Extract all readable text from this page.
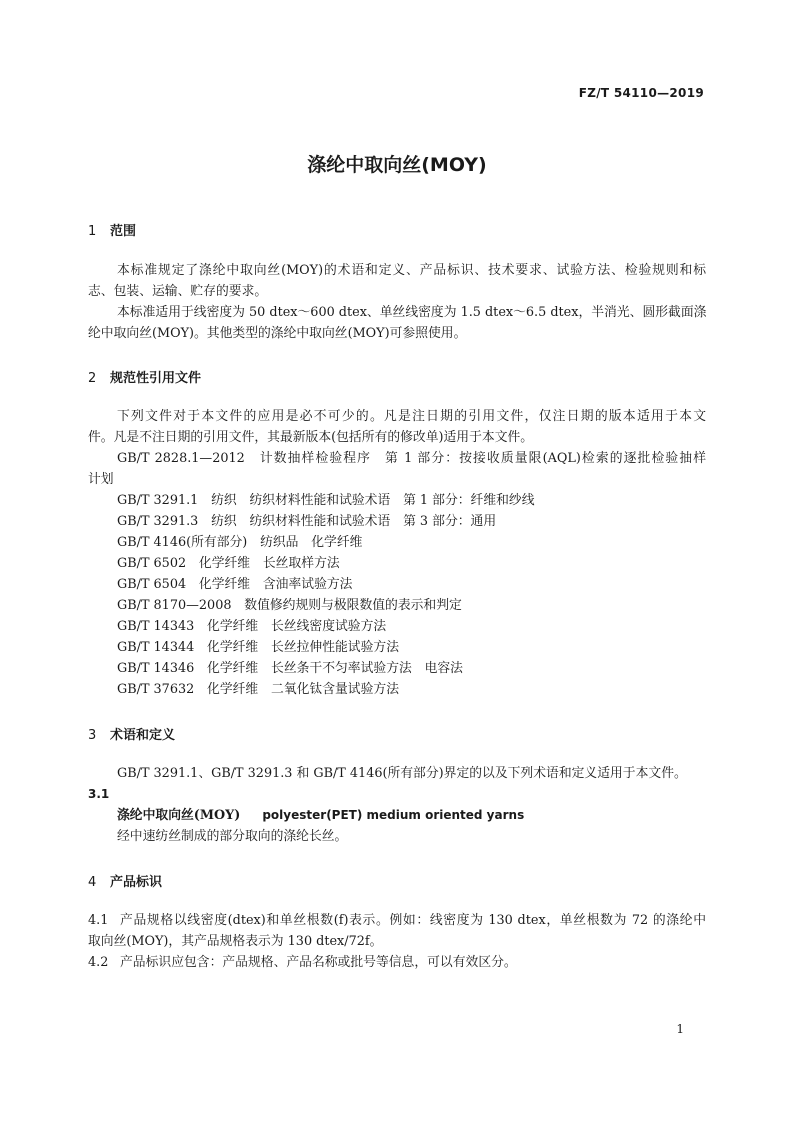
FZ/T 54110—2019
涤纶中取向丝(MOY)
1 范围
本标准规定了涤纶中取向丝(MOY)的术语和定义、产品标识、技术要求、试验方法、检验规则和标
志、包装、运输、贮存的要求。
本标准适用于线密度为 50 dtex～600 dtex、单丝线密度为 1.5 dtex～6.5 dtex，半消光、圆形截面涤
纶中取向丝(MOY)。其他类型的涤纶中取向丝(MOY)可参照使用。
2 规范性引用文件
下列文件对于本文件的应用是必不可少的。凡是注日期的引用文件，仅注日期的版本适用于本文
件。凡是不注日期的引用文件，其最新版本(包括所有的修改单)适用于本文件。
GB/T 2828.1—2012　计数抽样检验程序　第 1 部分：按接收质量限(AQL)检索的逐批检验抽样
计划
GB/T 3291.1　纺织　纺织材料性能和试验术语　第 1 部分：纤维和纱线
GB/T 3291.3　纺织　纺织材料性能和试验术语　第 3 部分：通用
GB/T 4146(所有部分)　纺织品　化学纤维
GB/T 6502　化学纤维　长丝取样方法
GB/T 6504　化学纤维　含油率试验方法
GB/T 8170—2008　数值修约规则与极限数值的表示和判定
GB/T 14343　化学纤维　长丝线密度试验方法
GB/T 14344　化学纤维　长丝拉伸性能试验方法
GB/T 14346　化学纤维　长丝条干不匀率试验方法　电容法
GB/T 37632　化学纤维　二氧化钛含量试验方法
3 术语和定义
GB/T 3291.1、GB/T 3291.3 和 GB/T 4146(所有部分)界定的以及下列术语和定义适用于本文件。
3.1
涤纶中取向丝(MOY) polyester(PET) medium oriented yarns
经中速纺丝制成的部分取向的涤纶长丝。
4 产品标识
4.1 产品规格以线密度(dtex)和单丝根数(f)表示。例如：线密度为 130 dtex，单丝根数为 72 的涤纶中
取向丝(MOY)，其产品规格表示为 130 dtex/72f。
4.2 产品标识应包含：产品规格、产品名称或批号等信息，可以有效区分。
1
